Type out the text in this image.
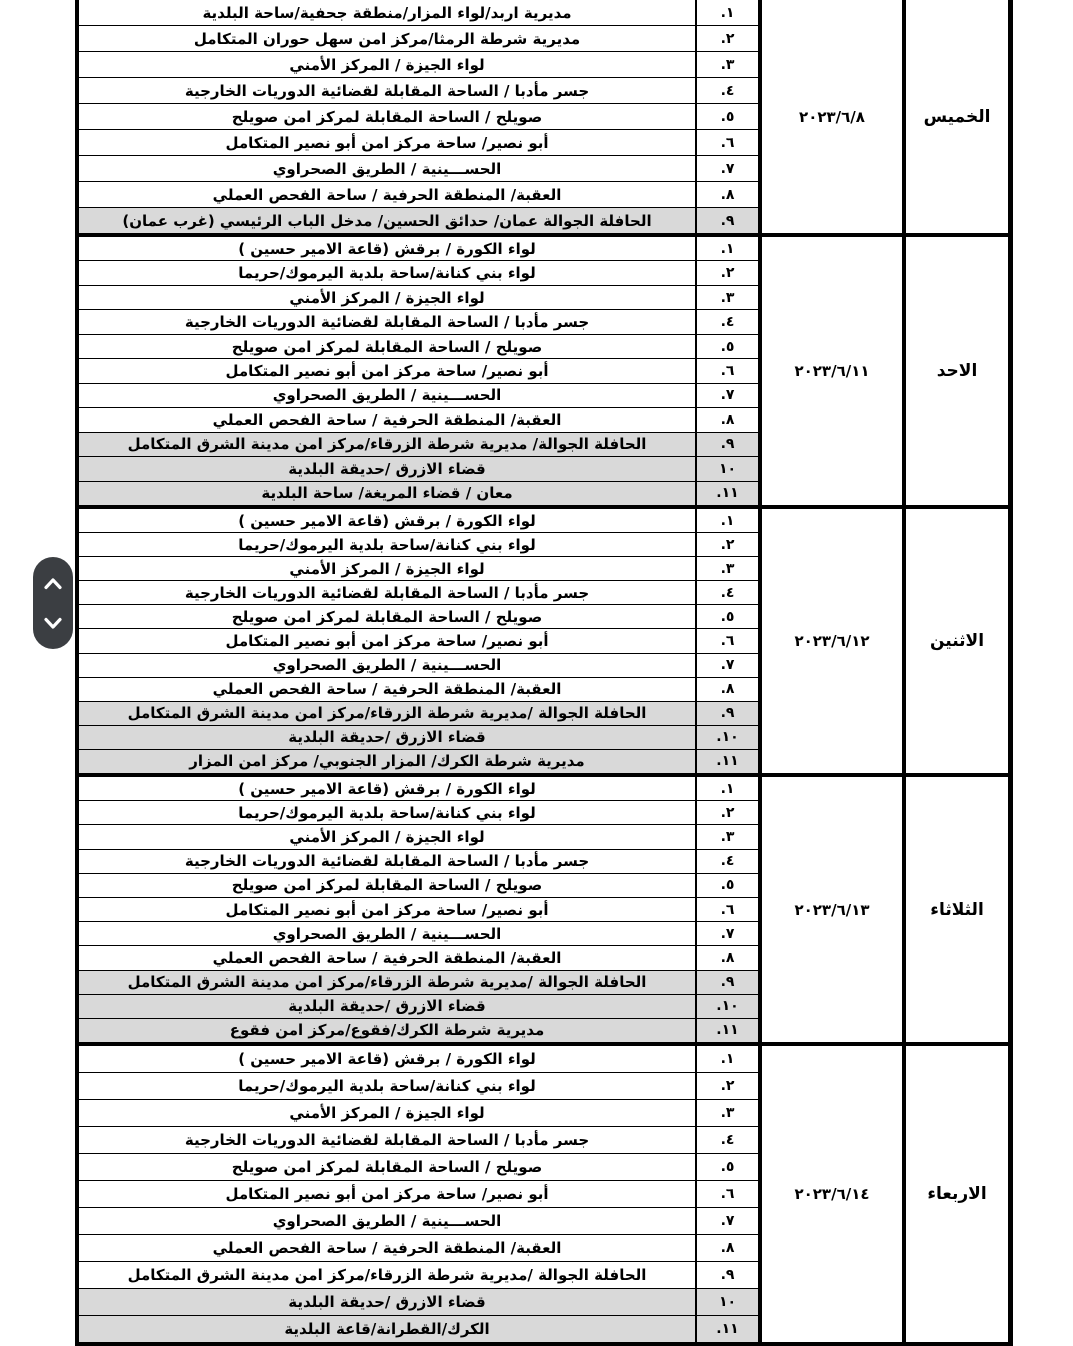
الخميس
٢٠٢٣/٦/٨
.١
مديرية اربد/لواء المزار/منطقة جحفية/ساحة البلدية
.٢
مديرية شرطة الرمثا/مركز امن سهل حوران المتكامل
.٣
لواء الجيزة / المركز الأمني
.٤
جسر مأدبا / الساحة المقابلة لقضائية الدوريات الخارجية
.٥
صويلح / الساحة المقابلة لمركز امن صويلح
.٦
أبو نصير/ ساحة مركز امن أبو نصير المتكامل
.٧
الحســـينية / الطريق الصحراوي
.٨
العقبة/ المنطقة الحرفية / ساحة الفحص العملي
.٩
الحافلة الجوالة عمان/ حدائق الحسين/ مدخل الباب الرئيسي (غرب عمان)
الاحد
٢٠٢٣/٦/١١
.١
لواء الكورة / برقش (قاعة الامير حسين )
.٢
لواء بني كنانة/ساحة بلدية اليرموك/حريما
.٣
لواء الجيزة / المركز الأمني
.٤
جسر مأدبا / الساحة المقابلة لقضائية الدوريات الخارجية
.٥
صويلح / الساحة المقابلة لمركز امن صويلح
.٦
أبو نصير/ ساحة مركز امن أبو نصير المتكامل
.٧
الحســـينية / الطريق الصحراوي
.٨
العقبة/ المنطقة الحرفية / ساحة الفحص العملي
.٩
الحافلة الجوالة/ مديرية شرطة الزرقاء/مركز امن مدينة الشرق المتكامل
١٠
قضاء الازرق /حديقة البلدية
.١١
معان / قضاء المريغة/ ساحة البلدية
الاثنين
٢٠٢٣/٦/١٢
.١
لواء الكورة / برقش (قاعة الامير حسين )
.٢
لواء بني كنانة/ساحة بلدية اليرموك/حريما
.٣
لواء الجيزة / المركز الأمني
.٤
جسر مأدبا / الساحة المقابلة لقضائية الدوريات الخارجية
.٥
صويلح / الساحة المقابلة لمركز امن صويلح
.٦
أبو نصير/ ساحة مركز امن أبو نصير المتكامل
.٧
الحســـينية / الطريق الصحراوي
.٨
العقبة/ المنطقة الحرفية / ساحة الفحص العملي
.٩
الحافلة الجوالة /مديرية شرطة الزرقاء/مركز امن مدينة الشرق المتكامل
.١٠
قضاء الازرق /حديقة البلدية
.١١
مديرية شرطة الكرك/ المزار الجنوبي/ مركز امن المزار
الثلاثاء
٢٠٢٣/٦/١٣
.١
لواء الكورة / برقش (قاعة الامير حسين )
.٢
لواء بني كنانة/ساحة بلدية اليرموك/حريما
.٣
لواء الجيزة / المركز الأمني
.٤
جسر مأدبا / الساحة المقابلة لقضائية الدوريات الخارجية
.٥
صويلح / الساحة المقابلة لمركز امن صويلح
.٦
أبو نصير/ ساحة مركز امن أبو نصير المتكامل
.٧
الحســـينية / الطريق الصحراوي
.٨
العقبة/ المنطقة الحرفية / ساحة الفحص العملي
.٩
الحافلة الجوالة /مديرية شرطة الزرقاء/مركز امن مدينة الشرق المتكامل
.١٠
قضاء الازرق /حديقة البلدية
.١١
مديرية شرطة الكرك/فقوع/مركز امن فقوع
الاربعاء
٢٠٢٣/٦/١٤
.١
لواء الكورة / برقش (قاعة الامير حسين )
.٢
لواء بني كنانة/ساحة بلدية اليرموك/حريما
.٣
لواء الجيزة / المركز الأمني
.٤
جسر مأدبا / الساحة المقابلة لقضائية الدوريات الخارجية
.٥
صويلح / الساحة المقابلة لمركز امن صويلح
.٦
أبو نصير/ ساحة مركز امن أبو نصير المتكامل
.٧
الحســـينية / الطريق الصحراوي
.٨
العقبة/ المنطقة الحرفية / ساحة الفحص العملي
.٩
الحافلة الجوالة /مديرية شرطة الزرقاء/مركز امن مدينة الشرق المتكامل
١٠
قضاء الازرق /حديقة البلدية
.١١
الكرك/القطرانة/قاعة البلدية
